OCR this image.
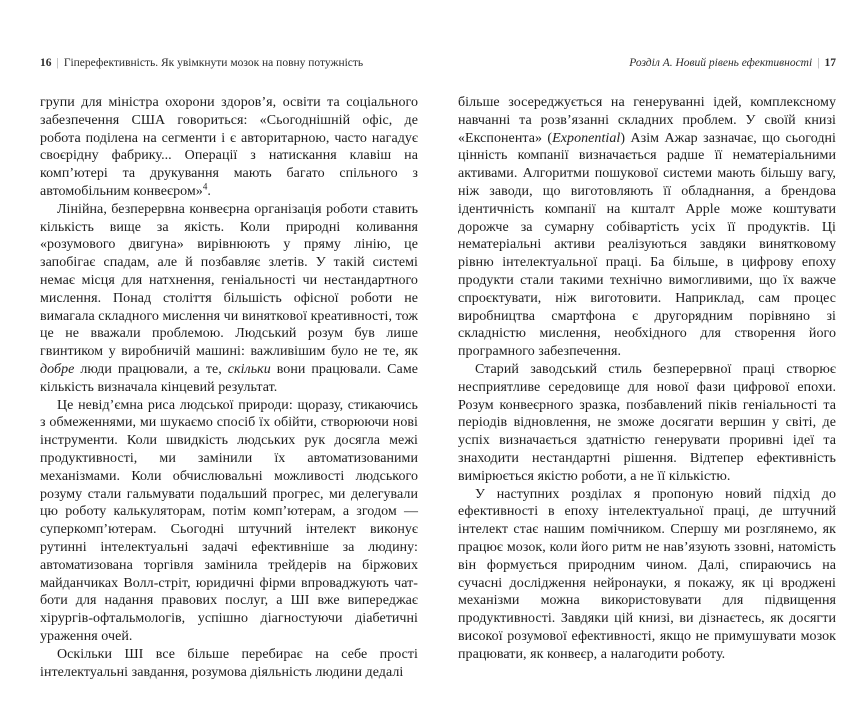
16 | Гіперефективність. Як увімкнути мозок на повну потужність

групи для міністра охорони здоров’я, освіти та соціального забезпечення США говориться: «Сьогоднішній офіс, де робота поділена на сегменти і є авторитарною, часто нагадує своєрідну фабрику... Операції з натискання клавіш на комп’ютері та друкування мають багато спільного з автомобільним конвеєром»$^4$.

Лінійна, безперервна конвеєрна організація роботи ставить кількість вище за якість. Коли природні коливання «розумового двигуна» вирівнюють у пряму лінію, це запобігає спадам, але й позбавляє злетів. У такій системі немає місця для натхнення, геніальності чи нестандартного мислення. Понад століття більшість офісної роботи не вимагала складного мислення чи виняткової креативності, тож це не вважали проблемою. Людський розум був лише гвинтиком у виробничій машині: важливішим було не те, як добре люди працювали, а те, скільки вони працювали. Саме кількість визначала кінцевий результат.

Це невід’ємна риса людської природи: щоразу, стикаючись з обмеженнями, ми шукаємо спосіб їх обійти, створюючи нові інструменти. Коли швидкість людських рук досягла межі продуктивності, ми замінили їх автоматизованими механізмами. Коли обчислювальні можливості людського розуму стали гальмувати подальший прогрес, ми делегували цю роботу калькуляторам, потім комп’ютерам, а згодом — суперкомп’ютерам. Сьогодні штучний інтелект виконує рутинні інтелектуальні задачі ефективніше за людину: автоматизована торгівля замінила трейдерів на біржових майданчиках Волл-стріт, юридичні фірми впроваджують чат-боти для надання правових послуг, а ШІ вже випереджає хірургів-офтальмологів, успішно діагностуючи діабетичні ураження очей.

Оскільки ШІ все більше перебирає на себе прості інтелектуальні завдання, розумова діяльність людини дедалі

Розділ А. Новий рівень ефективності | 17

більше зосереджується на генеруванні ідей, комплексному навчанні та розв’язанні складних проблем. У своїй книзі «Експонента» (Exponential) Азім Ажар зазначає, що сьогодні цінність компанії визначається радше її нематеріальними активами. Алгоритми пошукової системи мають більшу вагу, ніж заводи, що виготовляють її обладнання, а брендова ідентичність компанії на кшталт Apple може коштувати дорожче за сумарну собівартість усіх її продуктів. Ці нематеріальні активи реалізуються завдяки винятковому рівню інтелектуальної праці. Ба більше, в цифрову епоху продукти стали такими технічно вимогливими, що їх важче спроєктувати, ніж виготовити. Наприклад, сам процес виробництва смартфона є другорядним порівняно зі складністю мислення, необхідного для створення його програмного забезпечення.

Старий заводський стиль безперервної праці створює несприятливе середовище для нової фази цифрової епохи. Розум конвеєрного зразка, позбавлений піків геніальності та періодів відновлення, не зможе досягати вершин у світі, де успіх визначається здатністю генерувати проривні ідеї та знаходити нестандартні рішення. Відтепер ефективність вимірюється якістю роботи, а не її кількістю.

У наступних розділах я пропоную новий підхід до ефективності в епоху інтелектуальної праці, де штучний інтелект стає нашим помічником. Спершу ми розглянемо, як працює мозок, коли його ритм не нав’язують ззовні, натомість він формується природним чином. Далі, спираючись на сучасні дослідження нейронауки, я покажу, як ці вроджені механізми можна використовувати для підвищення продуктивності. Завдяки цій книзі, ви дізнаєтесь, як досягти високої розумової ефективності, якщо не примушувати мозок працювати, як конвеєр, а налагодити роботу.
